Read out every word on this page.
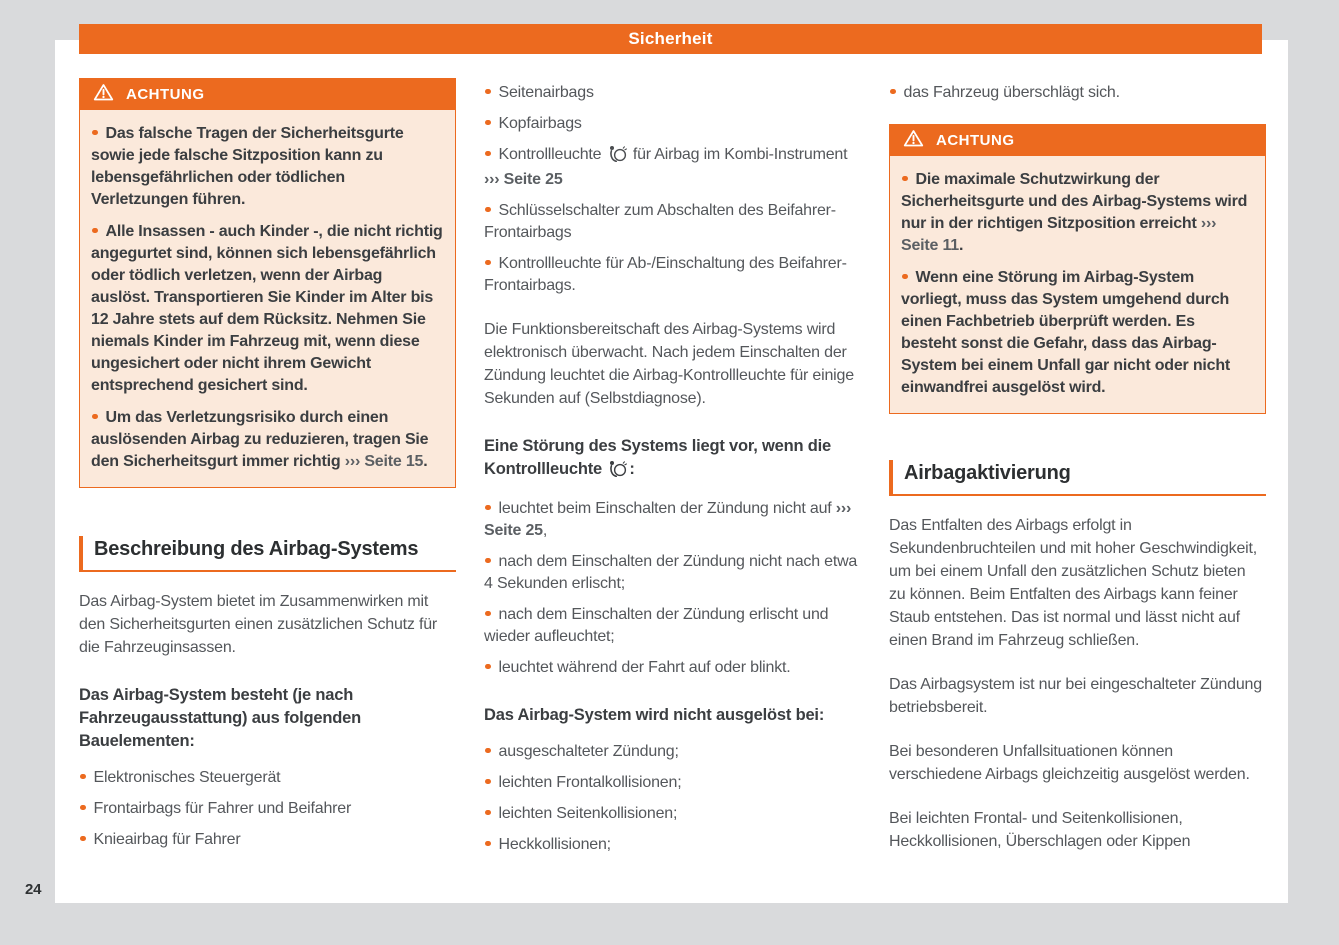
Sicherheit
ACHTUNG
Das falsche Tragen der Sicherheitsgurte sowie jede falsche Sitzposition kann zu lebensgefährlichen oder tödlichen Verletzungen führen.
Alle Insassen - auch Kinder -, die nicht richtig angegurtet sind, können sich lebensgefährlich oder tödlich verletzen, wenn der Airbag auslöst. Transportieren Sie Kinder im Alter bis 12 Jahre stets auf dem Rücksitz. Nehmen Sie niemals Kinder im Fahrzeug mit, wenn diese ungesichert oder nicht ihrem Gewicht entsprechend gesichert sind.
Um das Verletzungsrisiko durch einen auslösenden Airbag zu reduzieren, tragen Sie den Sicherheitsgurt immer richtig ››› Seite 15.
Beschreibung des Airbag-Systems
Das Airbag-System bietet im Zusammenwirken mit den Sicherheitsgurten einen zusätzlichen Schutz für die Fahrzeuginsassen.
Das Airbag-System besteht (je nach Fahrzeugausstattung) aus folgenden Bauelementen:
Elektronisches Steuergerät
Frontairbags für Fahrer und Beifahrer
Knieairbag für Fahrer
Seitenairbags
Kopfairbags
Kontrollleuchte  für Airbag im Kombi-Instrument ››› Seite 25
Schlüsselschalter zum Abschalten des Beifahrer-Frontairbags
Kontrollleuchte für Ab-/Einschaltung des Beifahrer-Frontairbags.
Die Funktionsbereitschaft des Airbag-Systems wird elektronisch überwacht. Nach jedem Einschalten der Zündung leuchtet die Airbag-Kontrollleuchte für einige Sekunden auf (Selbstdiagnose).
Eine Störung des Systems liegt vor, wenn die Kontrollleuchte :
leuchtet beim Einschalten der Zündung nicht auf ››› Seite 25,
nach dem Einschalten der Zündung nicht nach etwa 4 Sekunden erlischt;
nach dem Einschalten der Zündung erlischt und wieder aufleuchtet;
leuchtet während der Fahrt auf oder blinkt.
Das Airbag-System wird nicht ausgelöst bei:
ausgeschalteter Zündung;
leichten Frontalkollisionen;
leichten Seitenkollisionen;
Heckkollisionen;
das Fahrzeug überschlägt sich.
ACHTUNG
Die maximale Schutzwirkung der Sicherheitsgurte und des Airbag-Systems wird nur in der richtigen Sitzposition erreicht ››› Seite 11.
Wenn eine Störung im Airbag-System vorliegt, muss das System umgehend durch einen Fachbetrieb überprüft werden. Es besteht sonst die Gefahr, dass das Airbag-System bei einem Unfall gar nicht oder nicht einwandfrei ausgelöst wird.
Airbagaktivierung
Das Entfalten des Airbags erfolgt in Sekundenbruchteilen und mit hoher Geschwindigkeit, um bei einem Unfall den zusätzlichen Schutz bieten zu können. Beim Entfalten des Airbags kann feiner Staub entstehen. Das ist normal und lässt nicht auf einen Brand im Fahrzeug schließen.
Das Airbagsystem ist nur bei eingeschalteter Zündung betriebsbereit.
Bei besonderen Unfallsituationen können verschiedene Airbags gleichzeitig ausgelöst werden.
Bei leichten Frontal- und Seitenkollisionen, Heckkollisionen, Überschlagen oder Kippen
24
